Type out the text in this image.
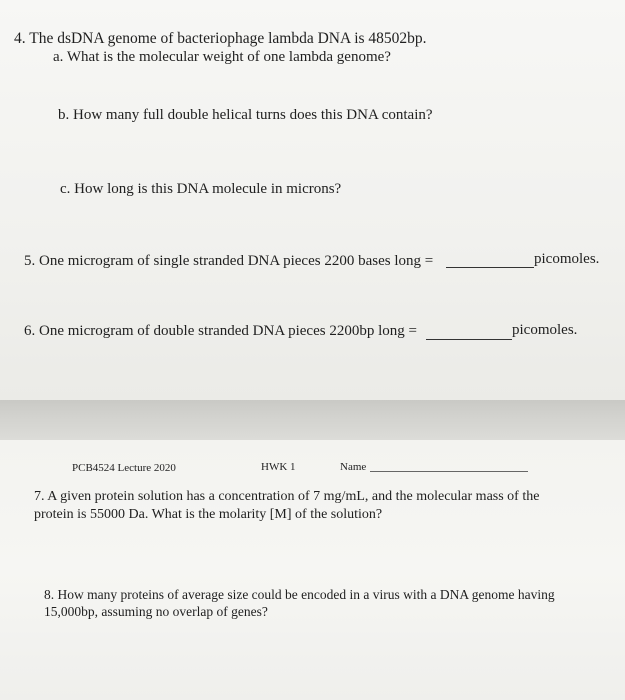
4. The dsDNA genome of bacteriophage lambda DNA is 48502bp.
a. What is the molecular weight of one lambda genome?
b. How many full double helical turns does this DNA contain?
c. How long is this DNA molecule in microns?
5. One microgram of single stranded DNA pieces 2200 bases long =	picomoles.
6. One microgram of double stranded DNA pieces 2200bp long =	picomoles.
PCB4524 Lecture 2020	HWK 1	Name
7. A given protein solution has a concentration of 7 mg/mL, and the molecular mass of the
protein is 55000 Da. What is the molarity [M] of the solution?
8. How many proteins of average size could be encoded in a virus with a DNA genome having
15,000bp, assuming no overlap of genes?
